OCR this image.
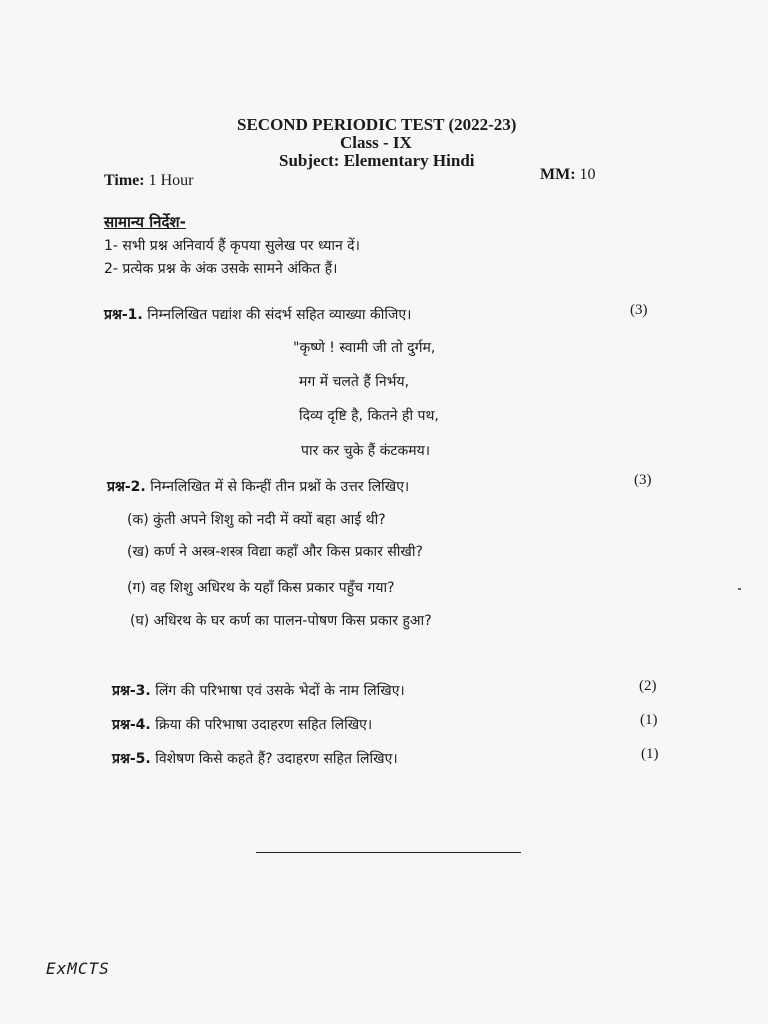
SECOND PERIODIC TEST (2022-23)
Class - IX
Subject: Elementary Hindi
Time: 1 Hour	MM: 10
सामान्य निर्देश-
1- सभी प्रश्न अनिवार्य हैं कृपया सुलेख पर ध्यान दें।
2- प्रत्येक प्रश्न के अंक उसके सामने अंकित हैं।
प्रश्न-1. निम्नलिखित पद्यांश की संदर्भ सहित व्याख्या कीजिए।	(3)
"कृष्णे ! स्वामी जी तो दुर्गम,
मग में चलते हैं निर्भय,
दिव्य दृष्टि है, कितने ही पथ,
पार कर चुके हैं कंटकमय।
प्रश्न-2. निम्नलिखित में से किन्हीं तीन प्रश्नों के उत्तर लिखिए।	(3)
(क) कुंती अपने शिशु को नदी में क्यों बहा आई थी?
(ख) कर्ण ने अस्त्र-शस्त्र विद्या कहाँ और किस प्रकार सीखी?
(ग) वह शिशु अधिरथ के यहाँ किस प्रकार पहुँच गया?
(घ) अधिरथ के घर कर्ण का पालन-पोषण किस प्रकार हुआ?
प्रश्न-3. लिंग की परिभाषा एवं उसके भेदों के नाम लिखिए।	(2)
प्रश्न-4. क्रिया की परिभाषा उदाहरण सहित लिखिए।	(1)
प्रश्न-5. विशेषण किसे कहते हैं? उदाहरण सहित लिखिए।	(1)
ExMCTS
